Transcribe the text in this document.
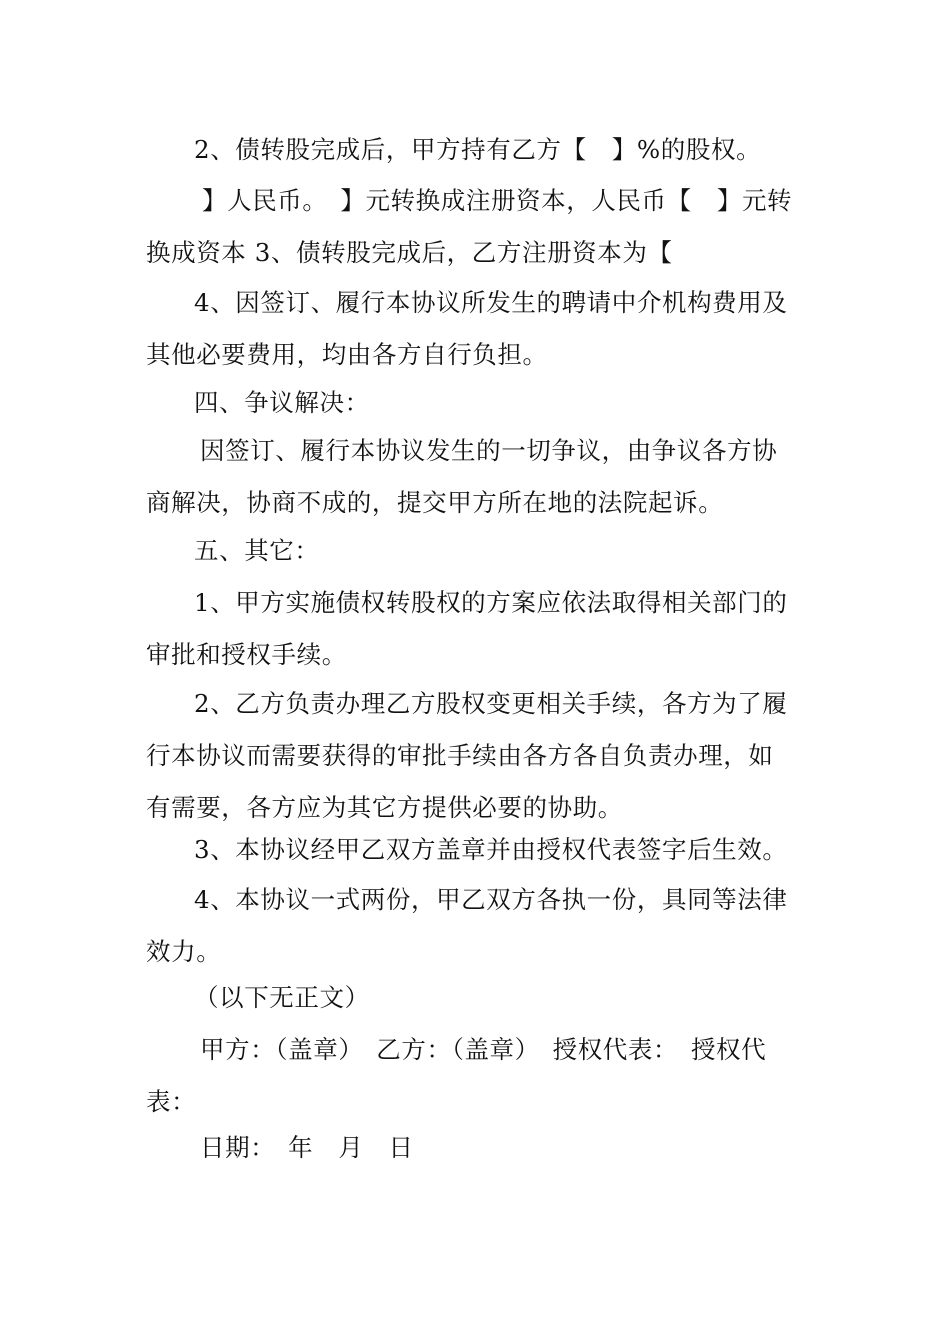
2、债转股完成后，甲方持有乙方【　】%的股权。
】人民币。　】元转换成注册资本，人民币【　】元转
换成资本 3、债转股完成后，乙方注册资本为【
4、因签订、履行本协议所发生的聘请中介机构费用及
其他必要费用，均由各方自行负担。
四、争议解决：
因签订、履行本协议发生的一切争议，由争议各方协
商解决，协商不成的，提交甲方所在地的法院起诉。
五、其它：
1、甲方实施债权转股权的方案应依法取得相关部门的
审批和授权手续。
2、乙方负责办理乙方股权变更相关手续，各方为了履
行本协议而需要获得的审批手续由各方各自负责办理，如
有需要，各方应为其它方提供必要的协助。
3、本协议经甲乙双方盖章并由授权代表签字后生效。
4、本协议一式两份，甲乙双方各执一份，具同等法律
效力。
（以下无正文）
甲方：（盖章）　乙方：（盖章）　授权代表：　授权代
表：
日期：　年　月　日
